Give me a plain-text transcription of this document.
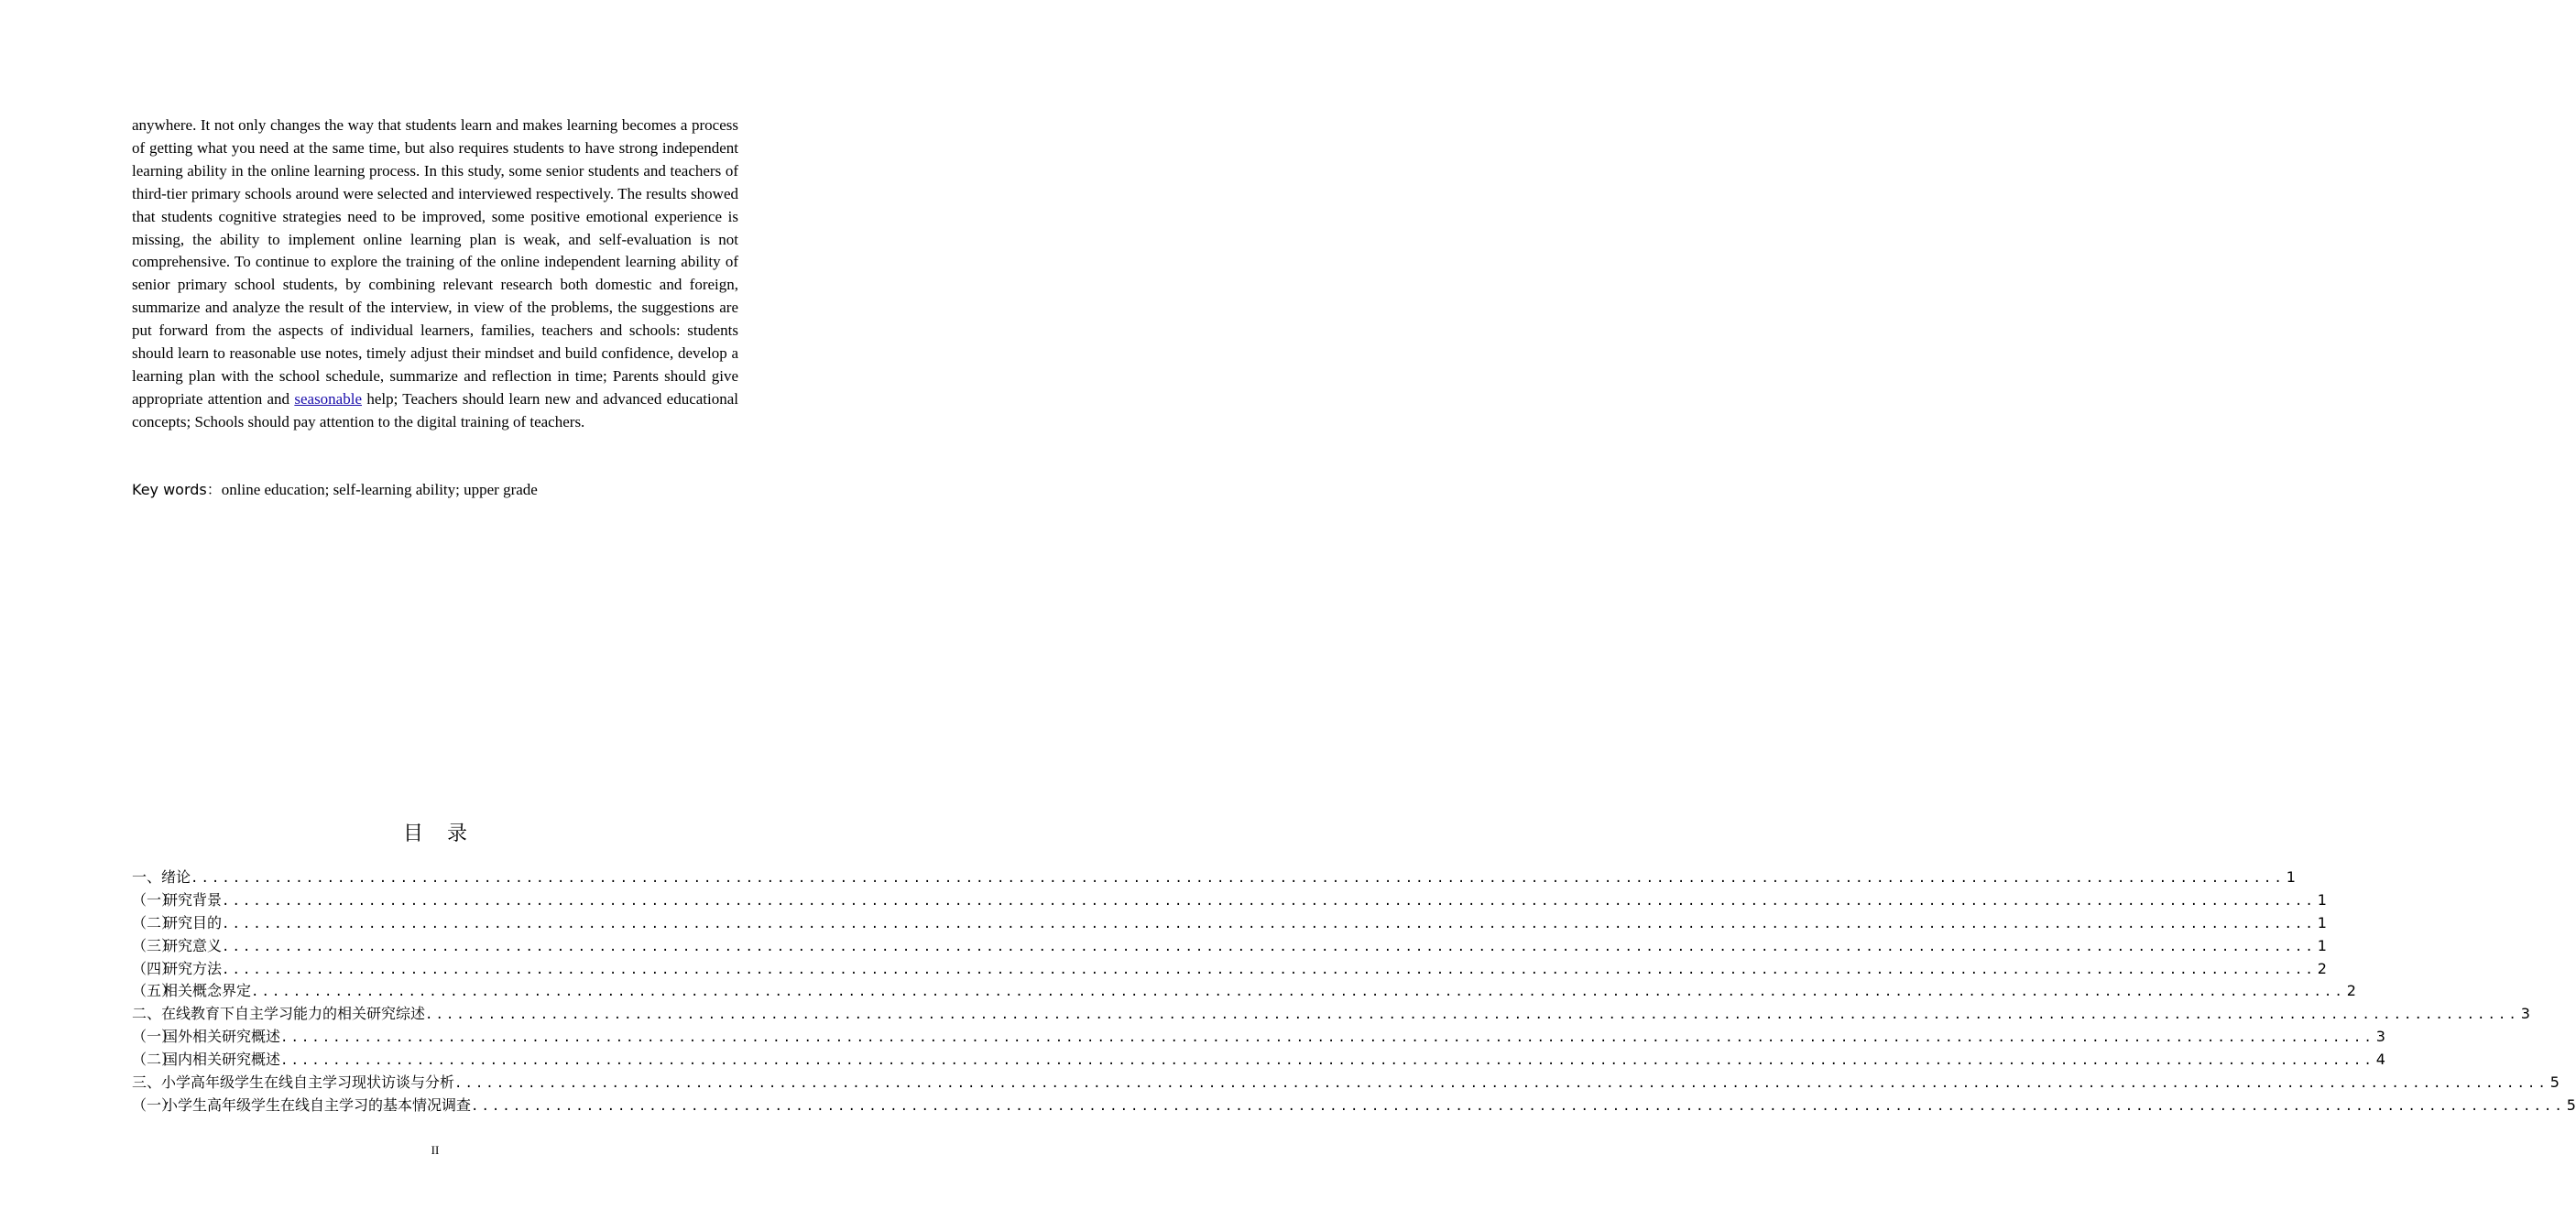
anywhere. It not only changes the way that students learn and makes learning becomes a process of getting what you need at the same time, but also requires students to have strong independent learning ability in the online learning process. In this study, some senior students and teachers of third-tier primary schools around were selected and interviewed respectively. The results showed that students cognitive strategies need to be improved, some positive emotional experience is missing, the ability to implement online learning plan is weak, and self-evaluation is not comprehensive. To continue to explore the training of the online independent learning ability of senior primary school students, by combining relevant research both domestic and foreign, summarize and analyze the result of the interview, in view of the problems, the suggestions are put forward from the aspects of individual learners, families, teachers and schools: students should learn to reasonable use notes, timely adjust their mindset and build confidence, develop a learning plan with the school schedule, summarize and reflection in time; Parents should give appropriate attention and seasonable help; Teachers should learn new and advanced educational concepts; Schools should pay attention to the digital training of teachers.

Key words：online education; self-learning ability; upper grade
目录
一、绪论 ........................................................................................................................................................................................................ 1
（一）
研究背景 ........................................................................................................................................................................................................ 1
（二）
研究目的 ........................................................................................................................................................................................................ 1
（三）
研究意义 ........................................................................................................................................................................................................ 1
（四）
研究方法 ........................................................................................................................................................................................................ 2
（五）
相关概念界定 ........................................................................................................................................................................................................ 2
二、在线教育下自主学习能力的相关研究综述 ........................................................................................................................................................................................................ 3
（一）
国外相关研究概述 ........................................................................................................................................................................................................ 3
（二）
国内相关研究概述 ........................................................................................................................................................................................................ 4
三、小学高年级学生在线自主学习现状访谈与分析 ........................................................................................................................................................................................................ 5
（一）
小学生高年级学生在线自主学习的基本情况调查 ........................................................................................................................................................................................................ 5
II
